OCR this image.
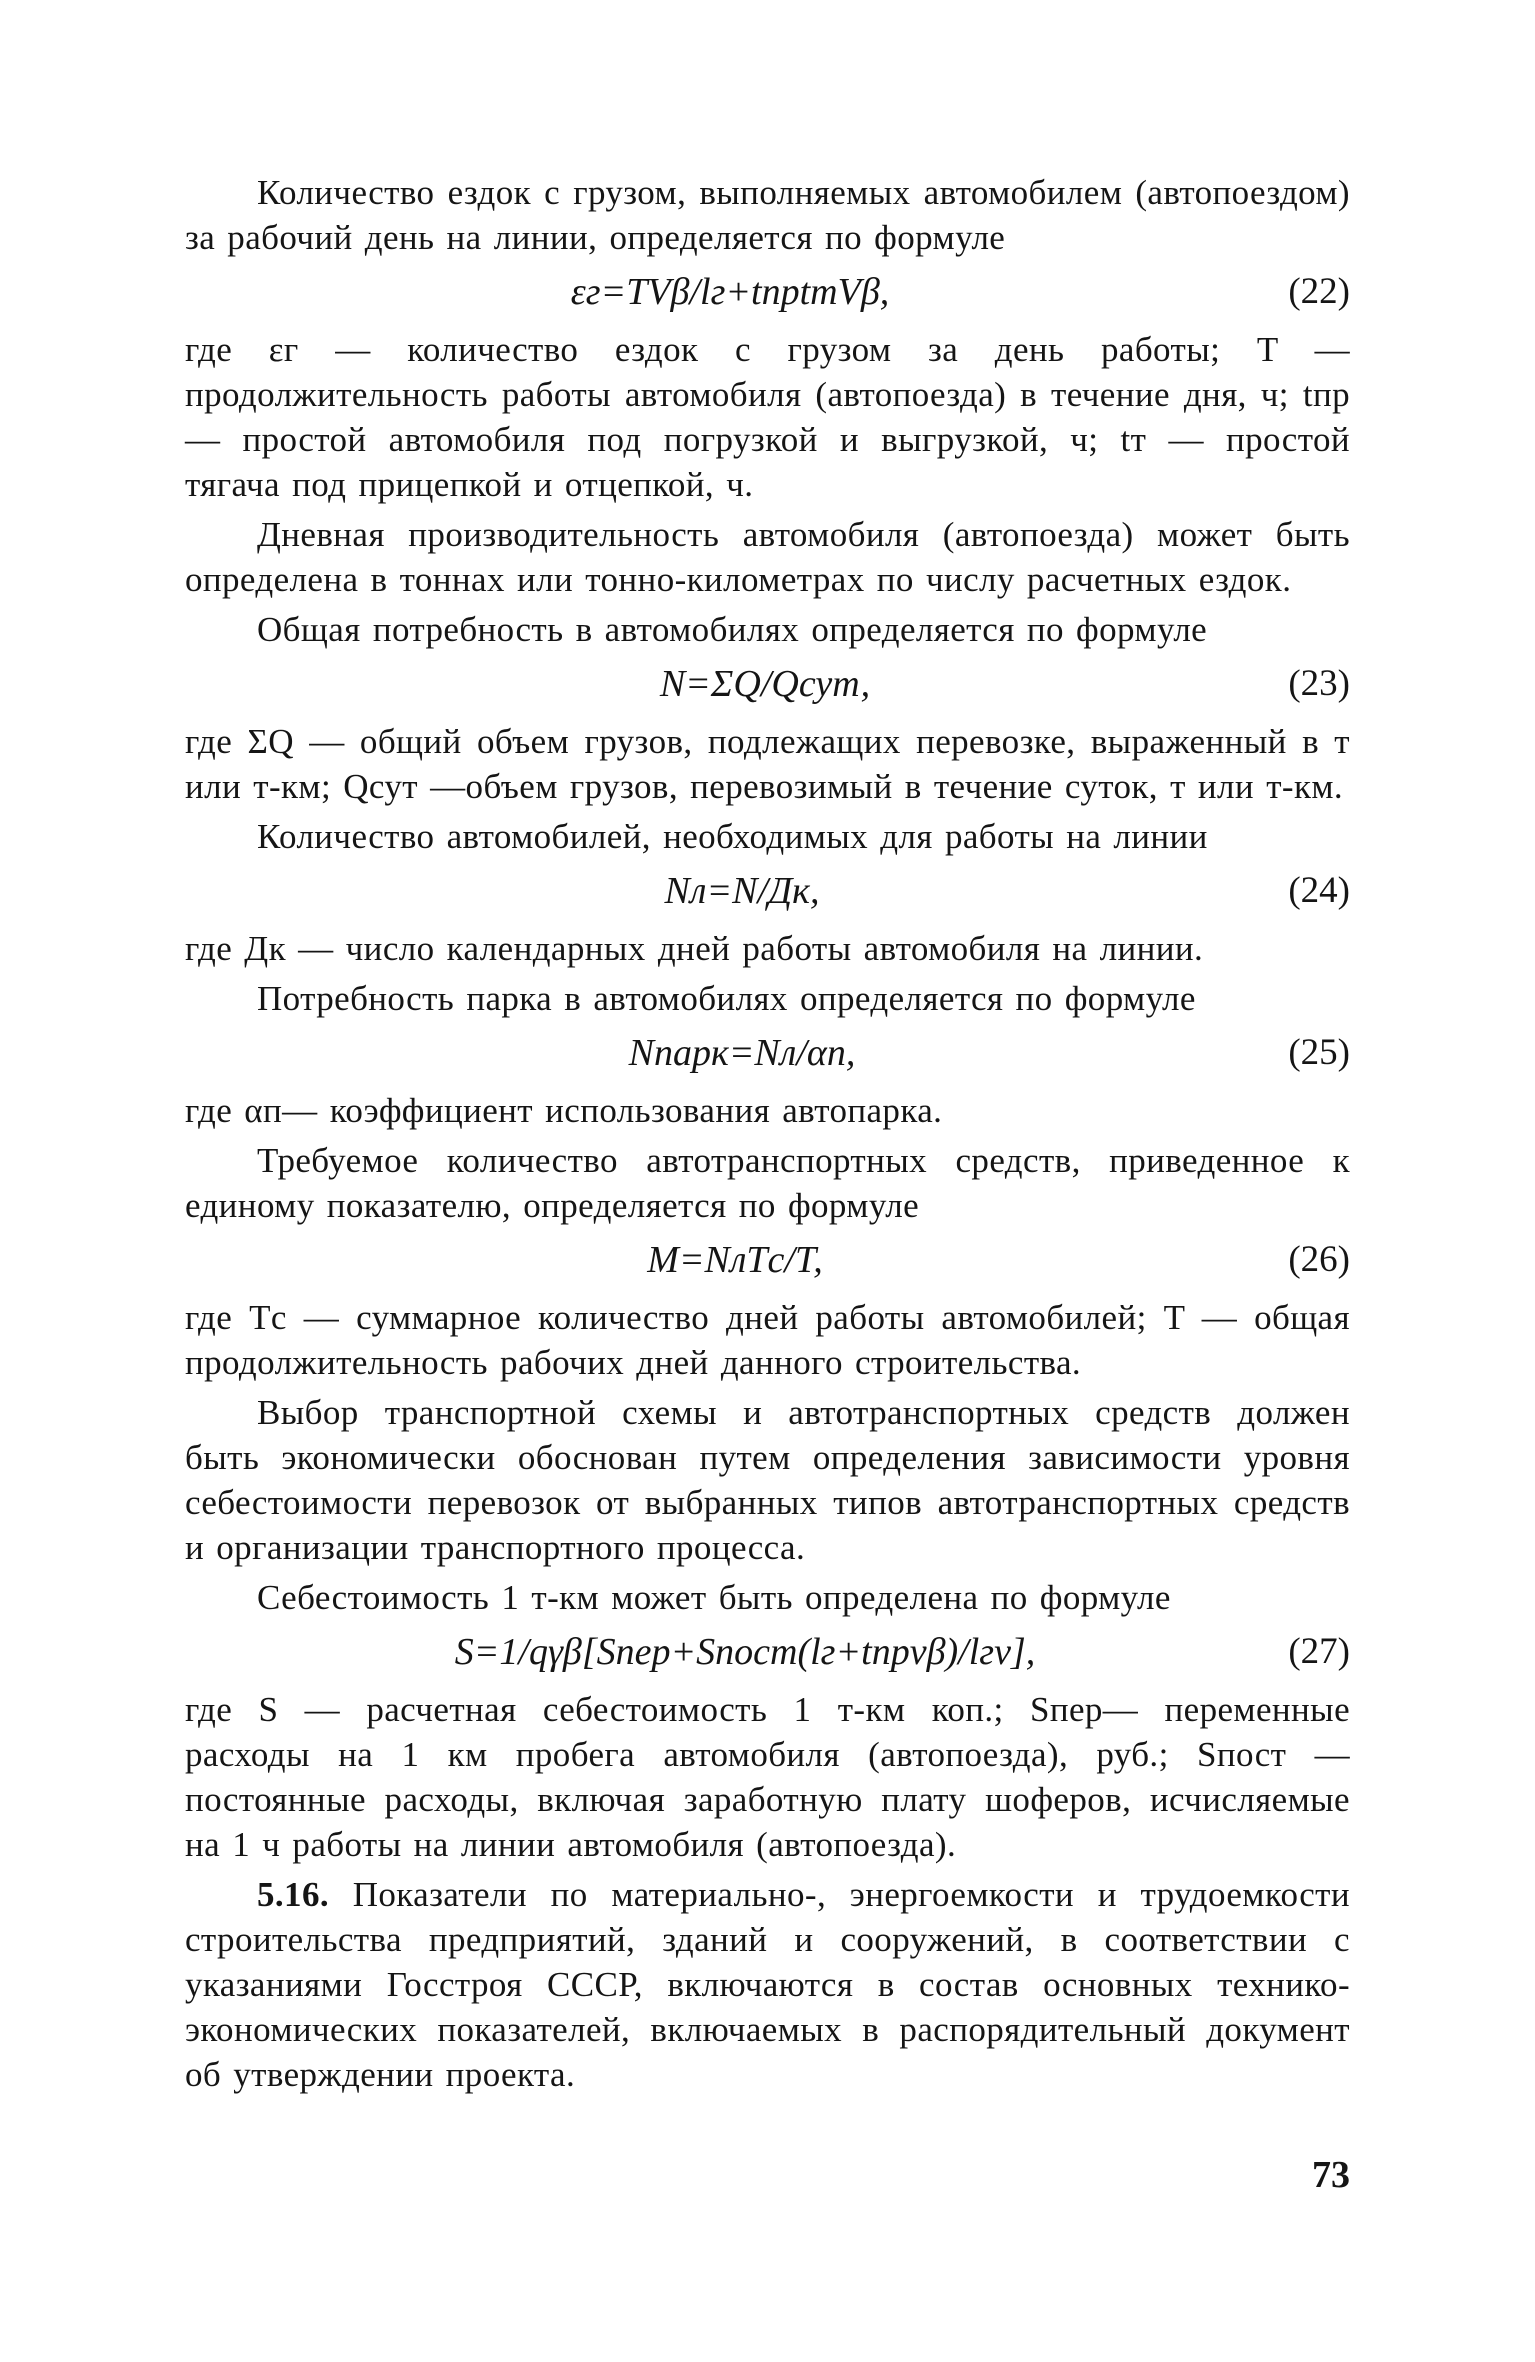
Количество ездок с грузом, выполняемых автомобилем (автопоездом) за рабочий день на линии, определяется по формуле

εг=TVβ/lг+tпрtтVβ,	(22)

где εг — количество ездок с грузом за день работы; T — продолжительность работы автомобиля (автопоезда) в течение дня, ч; tпр — простой автомобиля под погрузкой и выгрузкой, ч; tт — простой тягача под прицепкой и отцепкой, ч.

Дневная производительность автомобиля (автопоезда) может быть определена в тоннах или тонно-километрах по числу расчетных ездок.

Общая потребность в автомобилях определяется по формуле

N=ΣQ/Qсут,	(23)

где ΣQ — общий объем грузов, подлежащих перевозке, выраженный в т или т-км; Qсут —объем грузов, перевозимый в течение суток, т или т-км.

Количество автомобилей, необходимых для работы на линии

Nл=N/Дк,	(24)

где Дк — число календарных дней работы автомобиля на линии.

Потребность парка в автомобилях определяется по формуле

Nпарк=Nл/αп,	(25)

где αп— коэффициент использования автопарка.

Требуемое количество автотранспортных средств, приведенное к единому показателю, определяется по формуле

M=NлTс/T,	(26)

где Tс — суммарное количество дней работы автомобилей; T — общая продолжительность рабочих дней данного строительства.

Выбор транспортной схемы и автотранспортных средств должен быть экономически обоснован путем определения зависимости уровня себестоимости перевозок от выбранных типов автотранспортных средств и организации транспортного процесса.

Себестоимость 1 т-км может быть определена по формуле

S=1/qγβ[Sпер+Sпост(lг+tпрvβ)/lгv],	(27)

где S — расчетная себестоимость 1 т-км коп.; Sпер— переменные расходы на 1 км пробега автомобиля (автопоезда), руб.; Sпост — постоянные расходы, включая заработную плату шоферов, исчисляемые на 1 ч работы на линии автомобиля (автопоезда).

5.16. Показатели по материально-, энергоемкости и трудоемкости строительства предприятий, зданий и сооружений, в соответствии с указаниями Госстроя СССР, включаются в состав основных технико-экономических показателей, включаемых в распорядительный документ об утверждении проекта.

73
